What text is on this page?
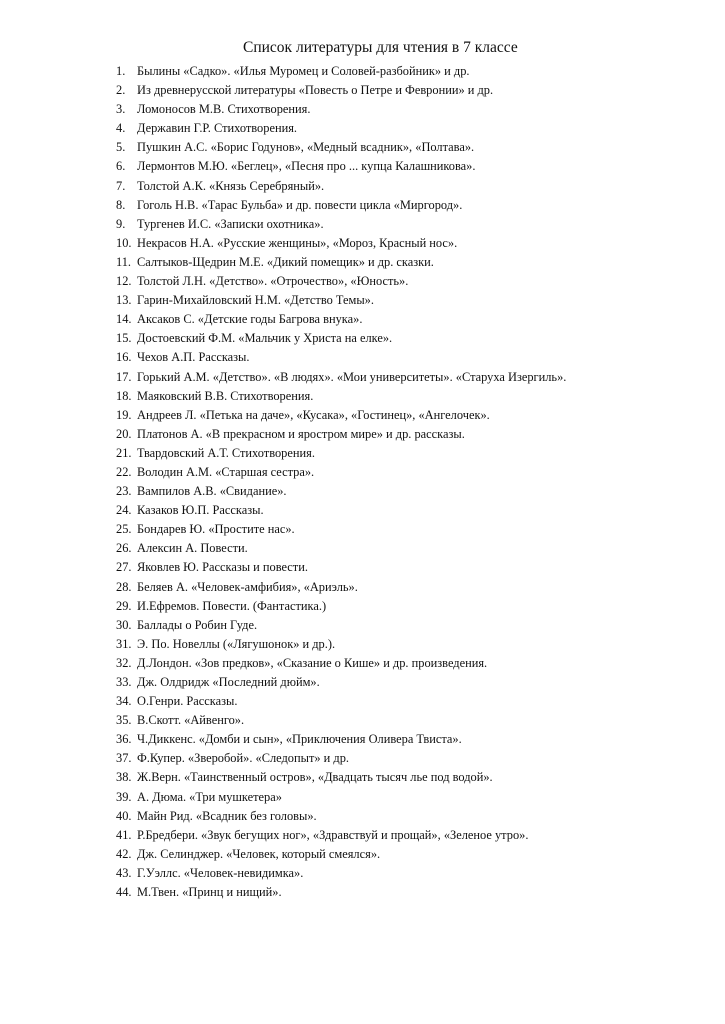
Список литературы для чтения в 7 классе
1. Былины «Садко». «Илья Муромец и Соловей-разбойник» и др.
2. Из древнерусской литературы «Повесть о Петре и Февронии» и др.
3. Ломоносов М.В. Стихотворения.
4. Державин Г.Р. Стихотворения.
5. Пушкин А.С. «Борис Годунов», «Медный всадник», «Полтава».
6. Лермонтов М.Ю. «Беглец», «Песня про ... купца Калашникова».
7. Толстой А.К. «Князь Серебряный».
8. Гоголь Н.В. «Тарас Бульба» и др. повести цикла «Миргород».
9. Тургенев И.С. «Записки охотника».
10. Некрасов Н.А. «Русские женщины», «Мороз, Красный нос».
11. Салтыков-Щедрин М.Е. «Дикий помещик» и др. сказки.
12. Толстой Л.Н. «Детство». «Отрочество», «Юность».
13. Гарин-Михайловский Н.М. «Детство Темы».
14. Аксаков С. «Детские годы Багрова внука».
15. Достоевский Ф.М. «Мальчик у Христа на елке».
16. Чехов А.П. Рассказы.
17. Горький А.М. «Детство». «В людях». «Мои университеты». «Старуха Изергиль».
18. Маяковский В.В. Стихотворения.
19. Андреев Л. «Петька на даче», «Кусака», «Гостинец», «Ангелочек».
20. Платонов А. «В прекрасном и яростром мире» и др. рассказы.
21. Твардовский А.Т. Стихотворения.
22. Володин А.М. «Старшая сестра».
23. Вампилов А.В. «Свидание».
24. Казаков Ю.П. Рассказы.
25. Бондарев Ю. «Простите нас».
26. Алексин А. Повести.
27. Яковлев Ю. Рассказы и повести.
28. Беляев А. «Человек-амфибия», «Ариэль».
29. И.Ефремов. Повести. (Фантастика.)
30. Баллады о Робин Гуде.
31. Э. По. Новеллы («Лягушонок» и др.).
32. Д.Лондон. «Зов предков», «Сказание о Кише» и др. произведения.
33. Дж. Олдридж «Последний дюйм».
34. О.Генри. Рассказы.
35. В.Скотт. «Айвенго».
36. Ч.Диккенс. «Домби и сын», «Приключения Оливера Твиста».
37. Ф.Купер. «Зверобой». «Следопыт» и др.
38. Ж.Верн. «Таинственный остров», «Двадцать тысяч лье под водой».
39. А. Дюма. «Три мушкетера»
40. Майн Рид. «Всадник без головы».
41. Р.Бредбери. «Звук бегущих ног», «Здравствуй и прощай», «Зеленое утро».
42. Дж. Селинджер. «Человек, который смеялся».
43. Г.Уэллс. «Человек-невидимка».
44. М.Твен. «Принц и нищий».
